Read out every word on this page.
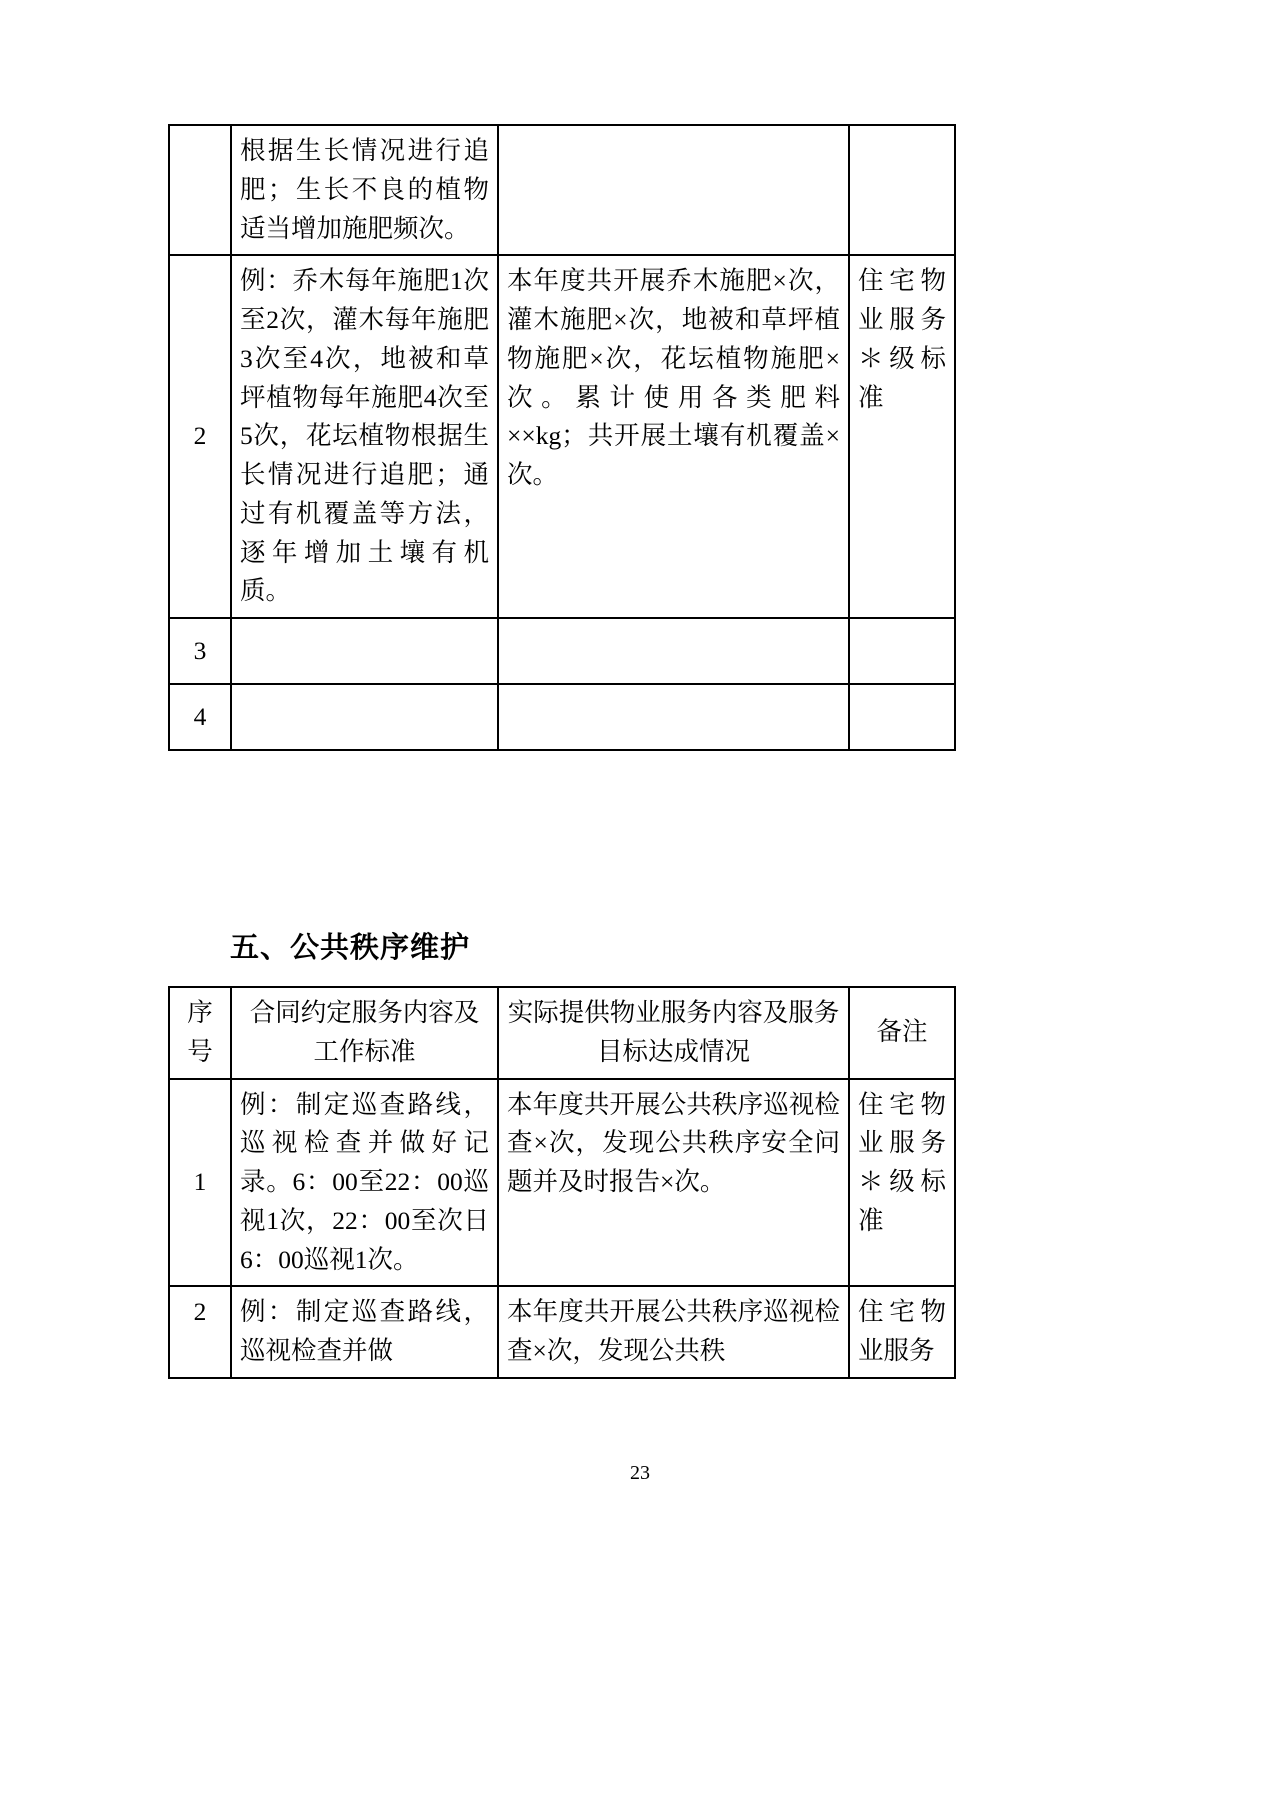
	根据生长情况进行追肥；生长不良的植物适当增加施肥频次。		
2	例：乔木每年施肥1次至2次，灌木每年施肥3次至4次，地被和草坪植物每年施肥4次至5次，花坛植物根据生长情况进行追肥；通过有机覆盖等方法，逐年增加土壤有机质。	本年度共开展乔木施肥×次，灌木施肥×次，地被和草坪植物施肥×次，花坛植物施肥×次。累计使用各类肥料××kg；共开展土壤有机覆盖×次。	住宅物业服务＊级标准
3			
4			
五、公共秩序维护
序号	合同约定服务内容及工作标准	实际提供物业服务内容及服务目标达成情况	备注
1	例：制定巡查路线，巡视检查并做好记录。6：00至22：00巡视1次，22：00至次日6：00巡视1次。	本年度共开展公共秩序巡视检查×次，发现公共秩序安全问题并及时报告×次。	住宅物业服务＊级标准
2	例：制定巡查路线，巡视检查并做	本年度共开展公共秩序巡视检查×次，发现公共秩	住宅物业服务
23
